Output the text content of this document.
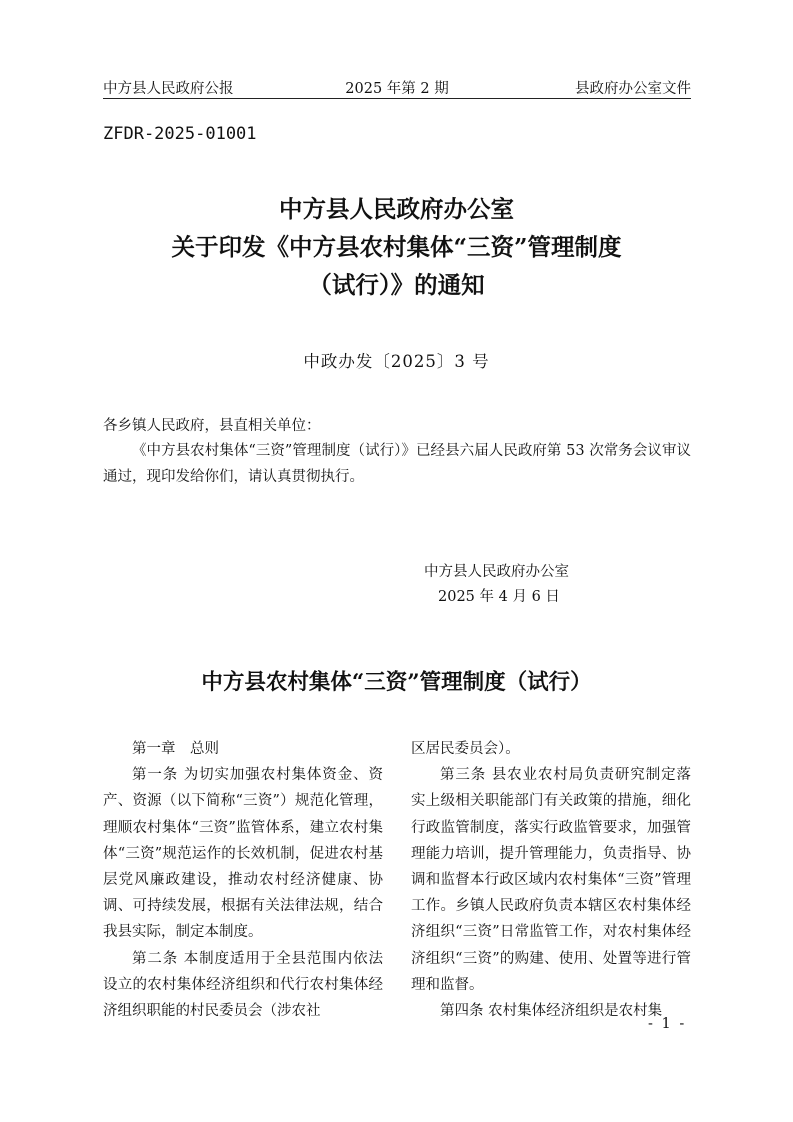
中方县人民政府公报	2025 年第 2 期	县政府办公室文件
ZFDR-2025-01001
中方县人民政府办公室
关于印发《中方县农村集体“三资”管理制度
（试行）》的通知
中政办发〔2025〕3 号
各乡镇人民政府，县直相关单位：
《中方县农村集体“三资”管理制度（试行）》已经县六届人民政府第 53 次常务会议审议通过，现印发给你们，请认真贯彻执行。
中方县人民政府办公室
2025 年 4 月 6 日
中方县农村集体“三资”管理制度（试行）

第一章　总则

第一条 为切实加强农村集体资金、资产、资源（以下简称“三资”）规范化管理，理顺农村集体“三资”监管体系，建立农村集体“三资”规范运作的长效机制，促进农村基层党风廉政建设，推动农村经济健康、协调、可持续发展，根据有关法律法规，结合我县实际，制定本制度。

第二条 本制度适用于全县范围内依法设立的农村集体经济组织和代行农村集体经济组织职能的村民委员会（涉农社

区居民委员会）。

第三条 县农业农村局负责研究制定落实上级相关职能部门有关政策的措施，细化行政监管制度，落实行政监管要求，加强管理能力培训，提升管理能力，负责指导、协调和监督本行政区域内农村集体“三资”管理工作。乡镇人民政府负责本辖区农村集体经济组织“三资”日常监管工作，对农村集体经济组织“三资”的购建、使用、处置等进行管理和监督。

第四条 农村集体经济组织是农村集

- 1 -
